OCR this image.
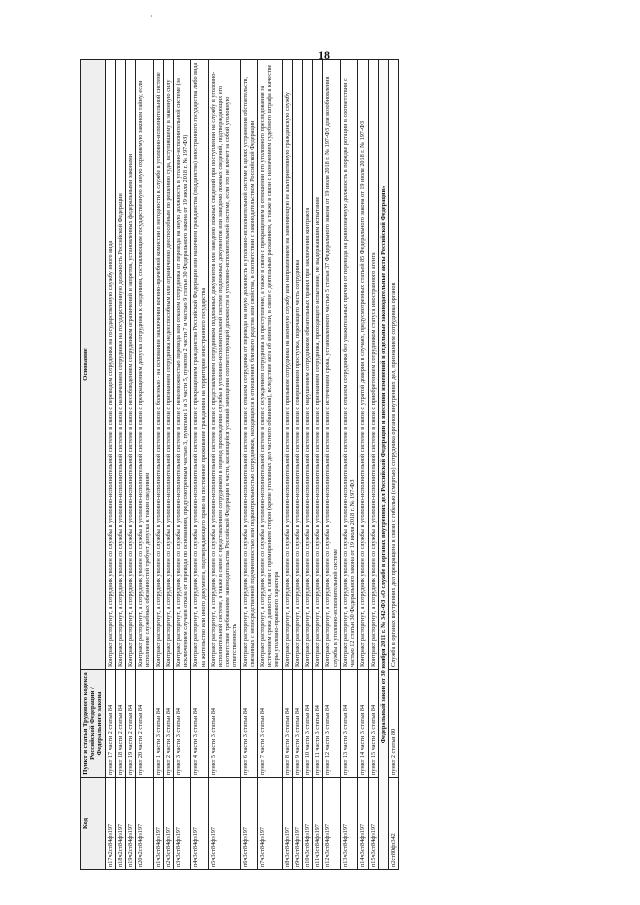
·
18
Код	Пункт и статья Трудового кодекса Российской Федерации / Федерального закона	Основание
п17ч2ст84фз197	пункт 17 части 2 статьи 84	Контракт расторгнут, а сотрудник уволен со службы в уголовно-исполнительной системе в связи с переводом сотрудника на государственную службу иного вида
п18ч2ст84фз197	пункт 18 части 2 статьи 84	Контракт расторгнут, а сотрудник уволен со службы в уголовно-исполнительной системе в связи с назначением сотрудника на государственную должность Российской Федерации
п19ч2ст84фз197	пункт 19 части 2 статьи 84	Контракт расторгнут, а сотрудник уволен со службы в уголовно-исполнительной системе в связи с несоблюдением сотрудником ограничений и запретов, установленных федеральными законами
п20ч2ст84фз197	пункт 20 части 2 статьи 84	Контракт расторгнут, а сотрудник уволен со службы в уголовно-исполнительной системе в связи с прекращением допуска сотрудника к сведениям, составляющим государственную и иную охраняемую законом тайну, если исполнение служебных обязанностей требует допуска к таким сведениям
п1ч3ст84фз197	пункт 1 части 3 статьи 84	Контракт расторгнут, а сотрудник уволен со службы в уголовно-исполнительной системе в связи с болезнью - на основании заключения военно-врачебной комиссии о негодности к службе в уголовно-исполнительной системе
п2ч3ст84фз197	пункт 2 части 3 статьи 84	Контракт расторгнут, а сотрудник уволен со службы в уголовно-исполнительной системе в связи с признанием сотрудника недееспособным или ограниченно дееспособным по решению суда, вступившему в законную силу
п3ч3ст84фз197	пункт 3 части 3 статьи 84	Контракт расторгнут, а сотрудник уволен со службы в уголовно-исполнительной системе в связи с невозможностью перевода или отказом сотрудника от перевода на иную должность в уголовно-исполнительной системе (за исключением случаев отказа от перевода по основаниям, предусмотренным частью 3, пунктами 1 и 3 части 5, пунктом 2 части 7 и частью 9 статьи 30 Федерального закона от 19 июля 2018 г. № 197-ФЗ)
п4ч3ст84фз197	пункт 4 части 3 статьи 84	Контракт расторгнут, а сотрудник уволен со службы в уголовно-исполнительной системе в связи с прекращением гражданства Российской Федерации или наличием гражданства (подданства) иностранного государства либо вида на жительство или иного документа, подтверждающего право на постоянное проживание гражданина на территории иностранного государства
п5ч3ст84фз197	пункт 5 части 3 статьи 84	Контракт расторгнут, а сотрудник уволен со службы в уголовно-исполнительной системе в связи с представлением сотрудником подложных документов или заведомо ложных сведений при поступлении на службу в уголовно-исполнительной системе, а также в связи с представлением сотрудником в период прохождения службы в уголовно-исполнительной системе подложных документов или заведомо ложных сведений, подтверждающих его соответствие требованиям законодательства Российской Федерации в части, касающейся условий замещения соответствующей должности в уголовно-исполнительной системе, если это не влечет за собой уголовную ответственность
п6ч3ст84фз197	пункт 6 части 3 статьи 84	Контракт расторгнут, а сотрудник уволен со службы в уголовно-исполнительной системе в связи с отказом сотрудника от перевода на иную должность в уголовно-исполнительной системе в целях устранения обстоятельств, связанных с непосредственной подчиненностью или подконтрольностью сотрудников, находящихся в отношениях близкого родства или свойства, в соответствии с законодательством Российской Федерации
п7ч3ст84фз197	пункт 7 части 3 статьи 84	Контракт расторгнут, а сотрудник уволен со службы в уголовно-исполнительной системе в связи с осуждением сотрудника за преступление, а также в связи с прекращением в отношении его уголовного преследования за истечением срока давности, в связи с примирением сторон (кроме уголовных дел частного обвинения), вследствие акта об амнистии, в связи с деятельным раскаянием, а также в связи с назначением судебного штрафа в качестве меры уголовно-правового характера
п8ч3ст84фз197	пункт 8 части 3 статьи 84	Контракт расторгнут, а сотрудник уволен со службы в уголовно-исполнительной системе в связи с призывом сотрудника на военную службу или направлением на заменяющую ее альтернативную гражданскую службу
п9ч3ст84фз197	пункт 9 части 3 статьи 84	Контракт расторгнут, а сотрудник уволен со службы в уголовно-исполнительной системе в связи с совершением проступка, порочащего честь сотрудника
п10ч3ст84фз197	пункт 10 части 3 статьи 84	Контракт расторгнут, а сотрудник уволен со службы в уголовно-исполнительной системе в связи с нарушением сотрудником обязательных правил при заключении контракта
п11ч3ст84фз197	пункт 11 части 3 статьи 84	Контракт расторгнут, а сотрудник уволен со службы в уголовно-исполнительной системе в связи с признанием сотрудника, проходящего испытание, не выдержавшим испытание
п12ч3ст84фз197	пункт 12 части 3 статьи 84	Контракт расторгнут, а сотрудник уволен со службы в уголовно-исполнительной системе в связи с истечением срока, установленного частью 5 статьи 37 Федерального закона от 19 июля 2018 г. № 197-ФЗ для возобновления службы в уголовно-исполнительной системе
п13ч3ст84фз197	пункт 13 части 3 статьи 84	Контракт расторгнут, а сотрудник уволен со службы в уголовно-исполнительной системе в связи с отказом сотрудника без уважительных причин от перевода на равнозначную должность в порядке ротации в соответствии с частью 12 статьи 30 Федерального закона от 19 июля 2018 г. № 197-ФЗ
п14ч3ст84фз197	пункт 14 части 3 статьи 84	Контракт расторгнут, а сотрудник уволен со службы в уголовно-исполнительной системе в связи с утратой доверия в случаях, предусмотренных статьей 85 Федерального закона от 19 июля 2018 г. № 197-ФЗ
п15ч3ст84фз197	пункт 15 части 3 статьи 84	Контракт расторгнут, а сотрудник уволен со службы в уголовно-исполнительной системе в связи с приобретением сотрудником статуса иностранного агента
Федеральный закон от 30 ноября 2011 г. № 342-ФЗ «О службе в органах внутренних дел Российской Федерации и внесении изменений в отдельные законодательные акты Российской Федерации»		
п2ст80фз342	пункт 2 статьи 80	Служба в органах внутренних дел прекращена в связи с гибелью (смертью) сотрудника органов внутренних дел, признанием сотрудника органов
